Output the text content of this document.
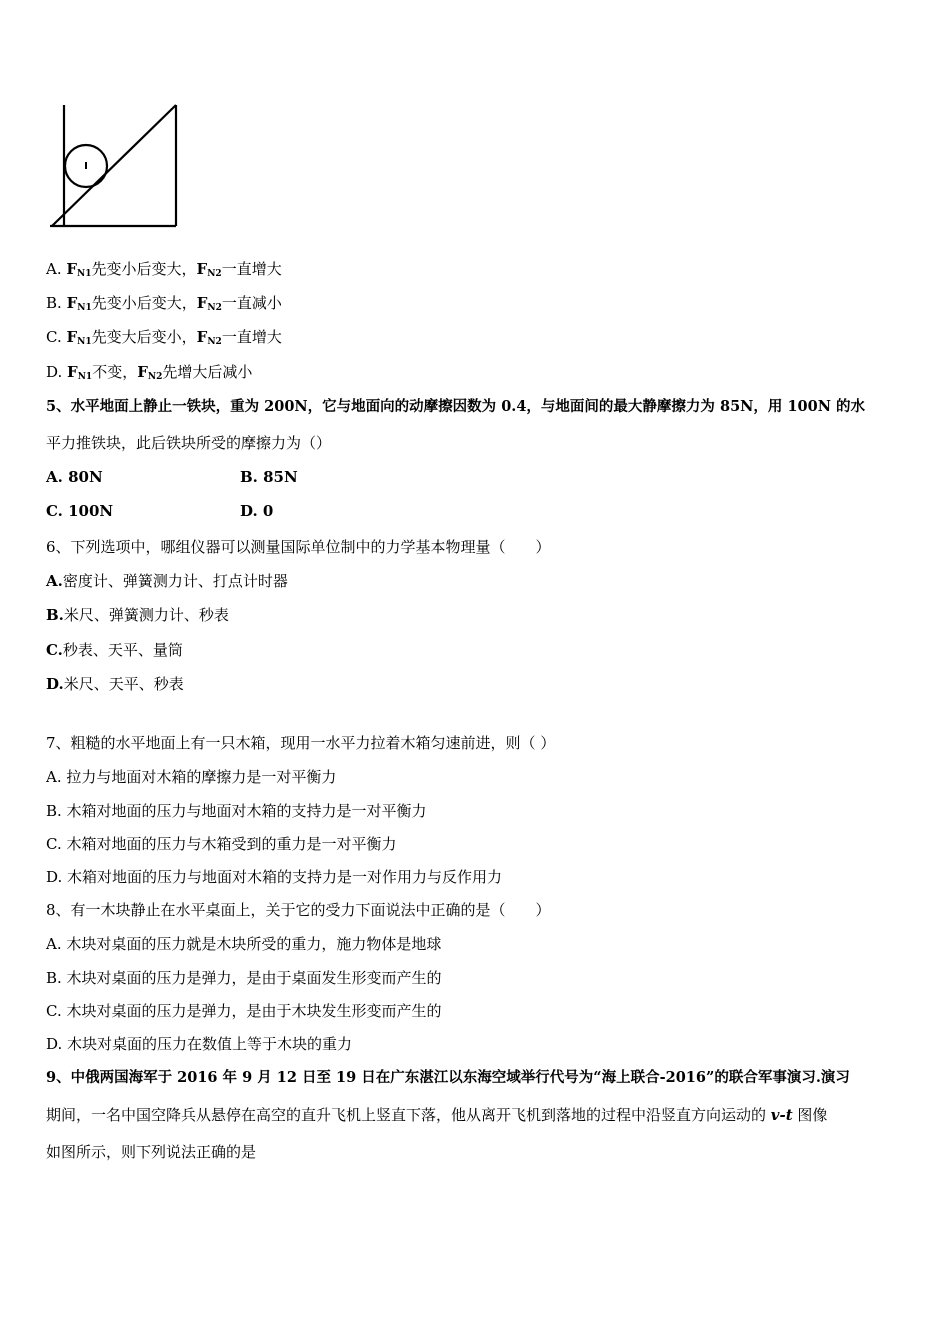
A. $F_{N1}$先变小后变大，$F_{N2}$一直增大
B. $F_{N1}$先变小后变大，$F_{N2}$一直减小
C. $F_{N1}$先变大后变小，$F_{N2}$一直增大
D. $F_{N1}$不变，$F_{N2}$先增大后减小
5、水平地面上静止一铁块，重为 200N，它与地面向的动摩擦因数为 0.4，与地面间的最大静摩擦力为 85N，用 100N 的水
平力推铁块，此后铁块所受的摩擦力为（）
A. 80N	B. 85N
C. 100N	D. 0
6、下列选项中，哪组仪器可以测量国际单位制中的力学基本物理量（　　）
A.密度计、弹簧测力计、打点计时器
B.米尺、弹簧测力计、秒表
C.秒表、天平、量筒
D.米尺、天平、秒表
7、粗糙的水平地面上有一只木箱，现用一水平力拉着木箱匀速前进，则（ ）
A. 拉力与地面对木箱的摩擦力是一对平衡力
B. 木箱对地面的压力与地面对木箱的支持力是一对平衡力
C. 木箱对地面的压力与木箱受到的重力是一对平衡力
D. 木箱对地面的压力与地面对木箱的支持力是一对作用力与反作用力
8、有一木块静止在水平桌面上，关于它的受力下面说法中正确的是（　　）
A. 木块对桌面的压力就是木块所受的重力，施力物体是地球
B. 木块对桌面的压力是弹力，是由于桌面发生形变而产生的
C. 木块对桌面的压力是弹力，是由于木块发生形变而产生的
D. 木块对桌面的压力在数值上等于木块的重力
9、中俄两国海军于 2016 年 9 月 12 日至 19 日在广东湛江以东海空域举行代号为“海上联合-2016”的联合军事演习.演习
期间，一名中国空降兵从悬停在高空的直升飞机上竖直下落，他从离开飞机到落地的过程中沿竖直方向运动的 v-t 图像
如图所示，则下列说法正确的是
